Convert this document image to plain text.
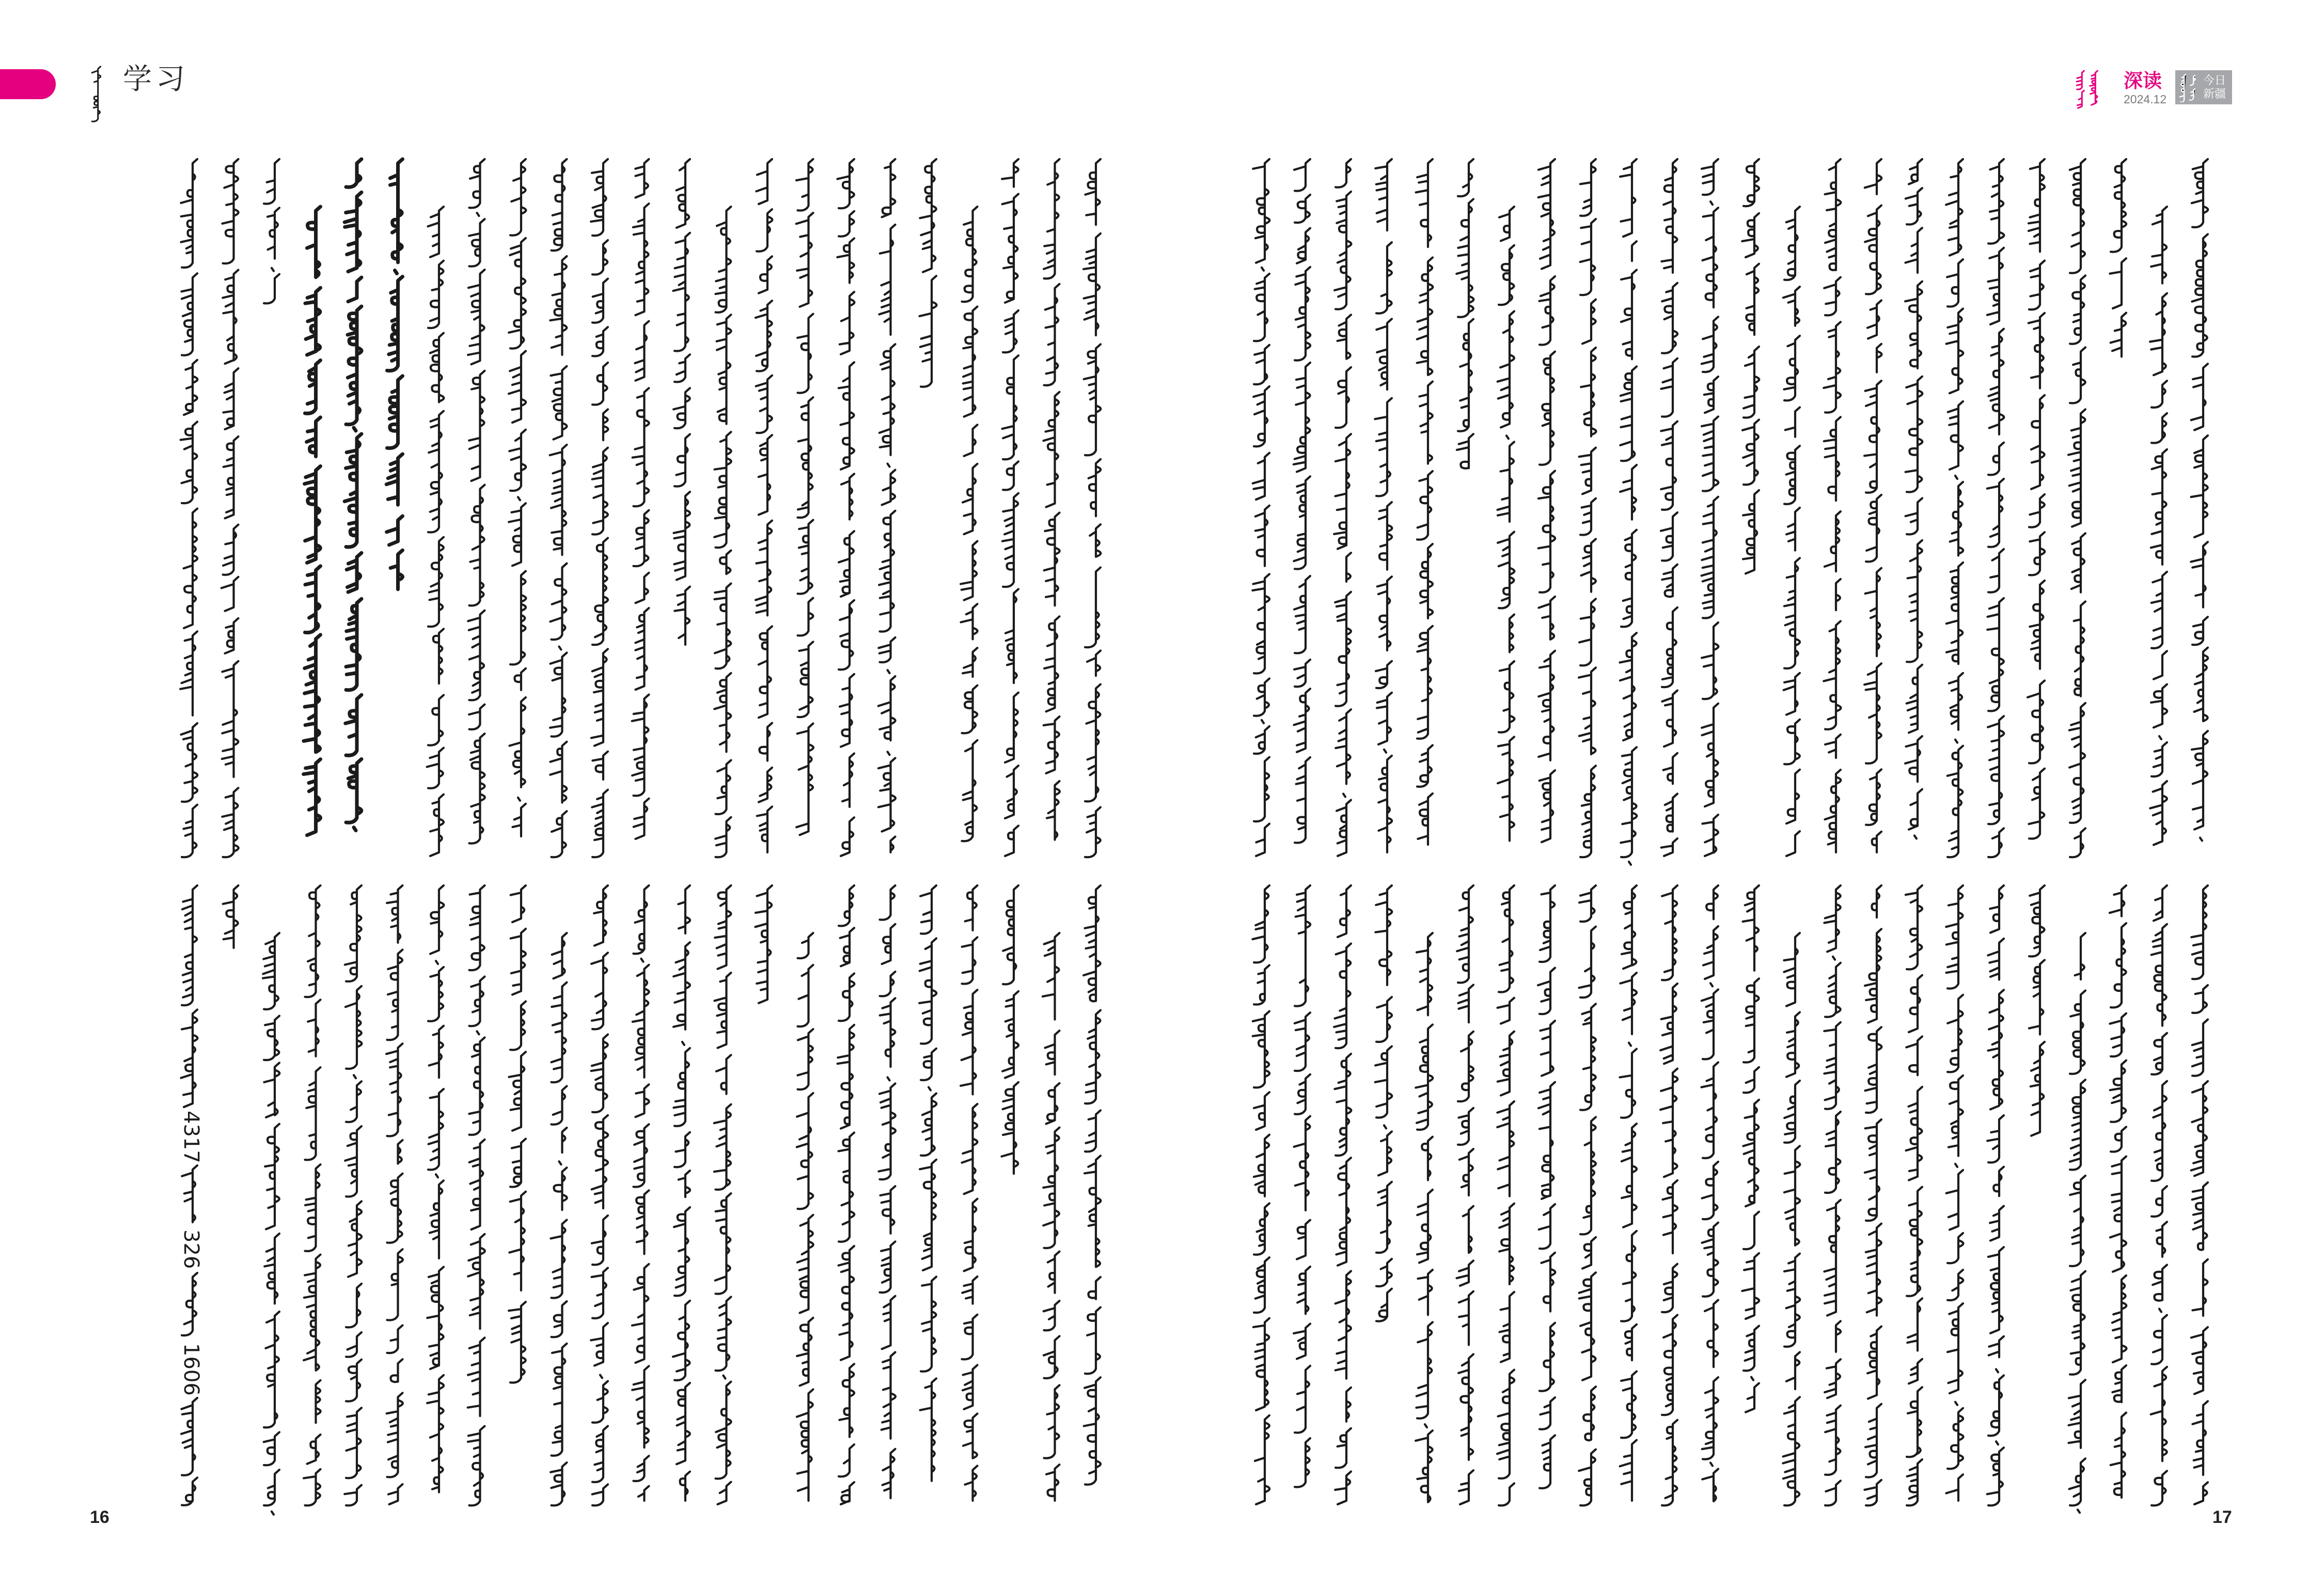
学习	深读
2024.12
今日新疆
4317
326
1606
16	17
